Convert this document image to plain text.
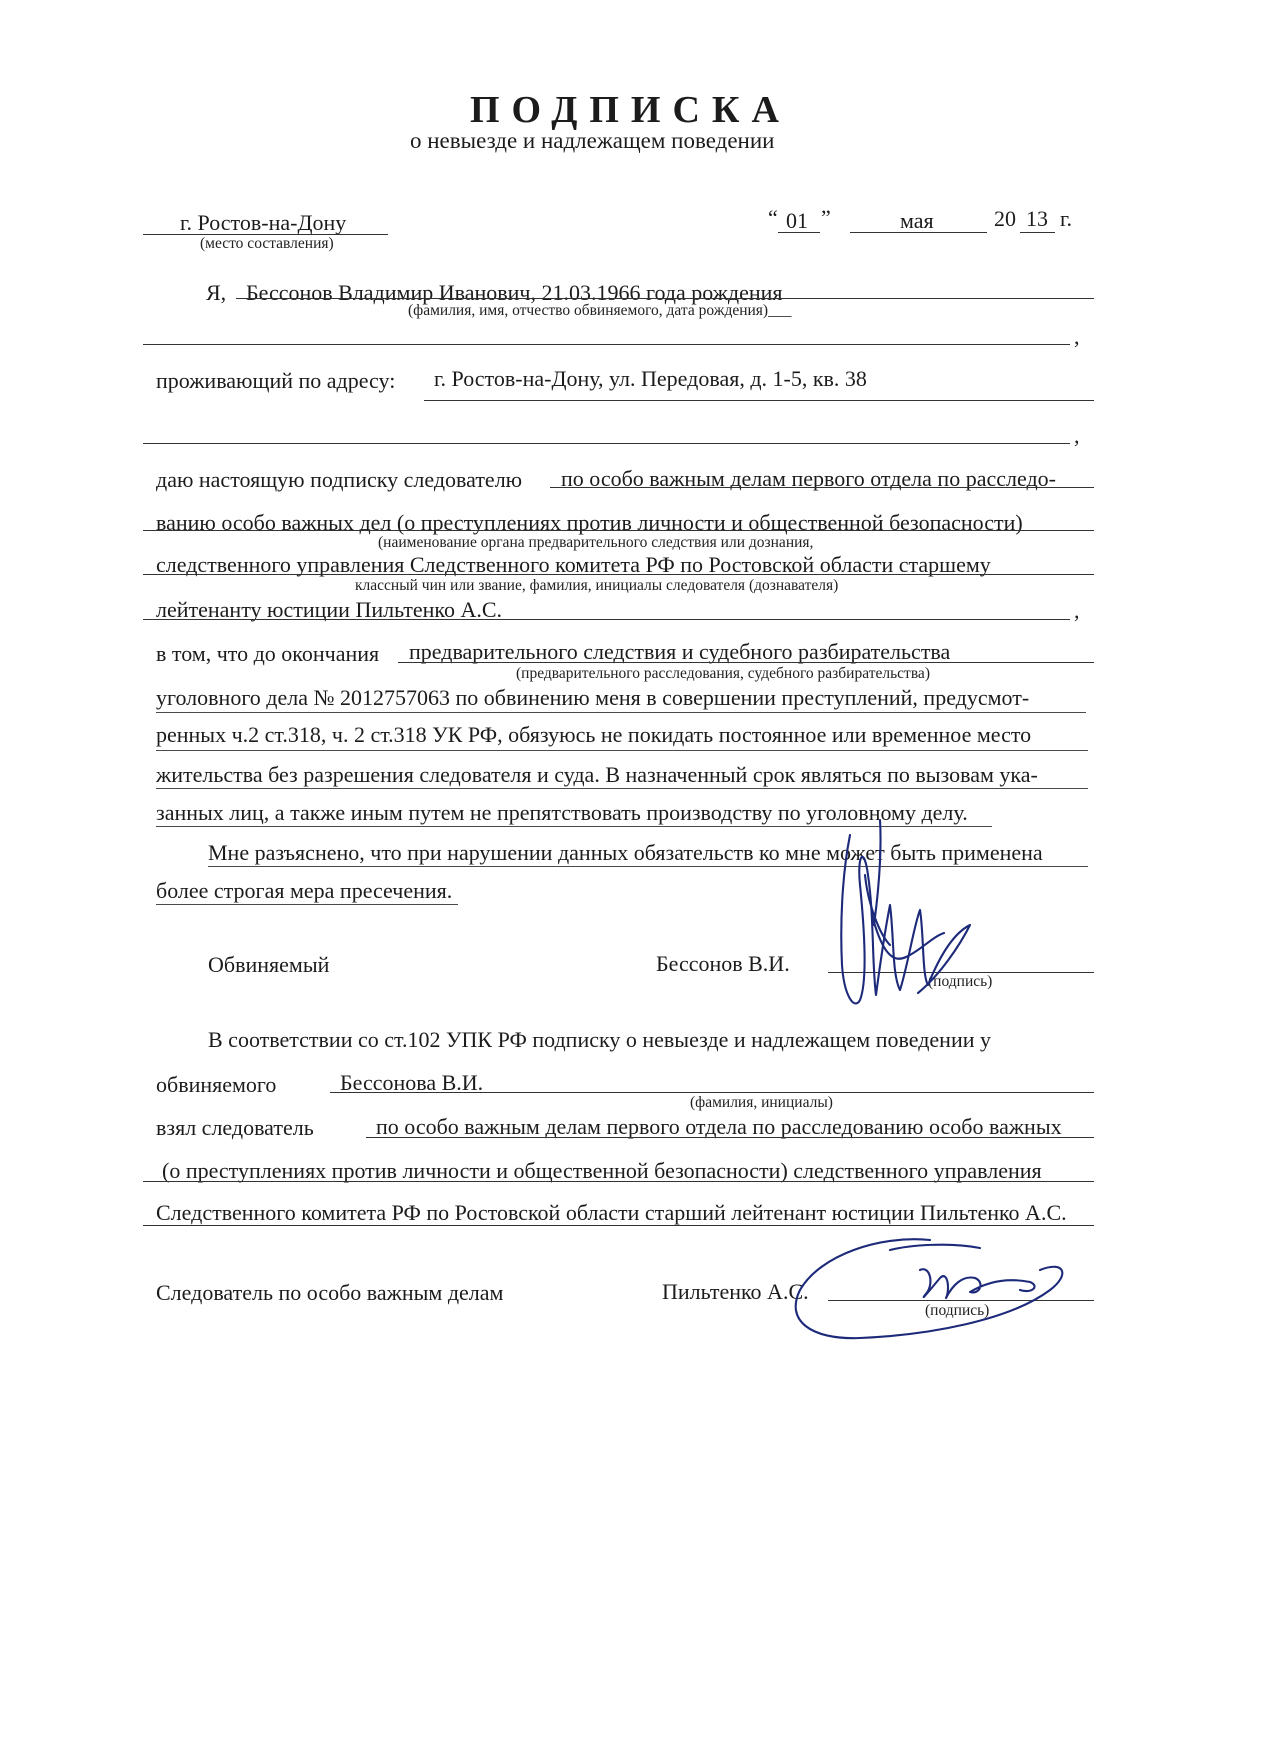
ПОДПИСКА
о невыезде и надлежащем поведении
г. Ростов-на-Дону
(место составления)
“ 01 ”	мая	20 13 г.
Я, Бессонов Владимир Иванович, 21.03.1966 года рождения
(фамилия, имя, отчество обвиняемого, дата рождения)___
,
проживающий по адресу: г. Ростов-на-Дону, ул. Передовая, д. 1-5, кв. 38
,
даю настоящую подписку следователю по особо важным делам первого отдела по расследо-
ванию особо важных дел (о преступлениях против личности и общественной безопасности)
(наименование органа предварительного следствия или дознания,
следственного управления Следственного комитета РФ по Ростовской области старшему
классный чин или звание, фамилия, инициалы следователя (дознавателя)
лейтенанту юстиции Пильтенко А.С.	,
в том, что до окончания предварительного следствия и судебного разбирательства
(предварительного расследования, судебного разбирательства)
уголовного дела № 2012757063 по обвинению меня в совершении преступлений, предусмот-
ренных ч.2 ст.318, ч. 2 ст.318 УК РФ, обязуюсь не покидать постоянное или временное место
жительства без разрешения следователя и суда. В назначенный срок являться по вызовам ука-
занных лиц, а также иным путем не препятствовать производству по уголовному делу.
Мне разъяснено, что при нарушении данных обязательств ко мне может быть применена
более строгая мера пресечения.
Обвиняемый	Бессонов В.И.
(подпись)
В соответствии со ст.102 УПК РФ подписку о невыезде и надлежащем поведении у
обвиняемого	Бессонова В.И.
(фамилия, инициалы)
взял следователь	по особо важным делам первого отдела по расследованию особо важных
(о преступлениях против личности и общественной безопасности) следственного управления
Следственного комитета РФ по Ростовской области старший лейтенант юстиции Пильтенко А.С.
Следователь по особо важным делам	Пильтенко А.С.
(подпись)
